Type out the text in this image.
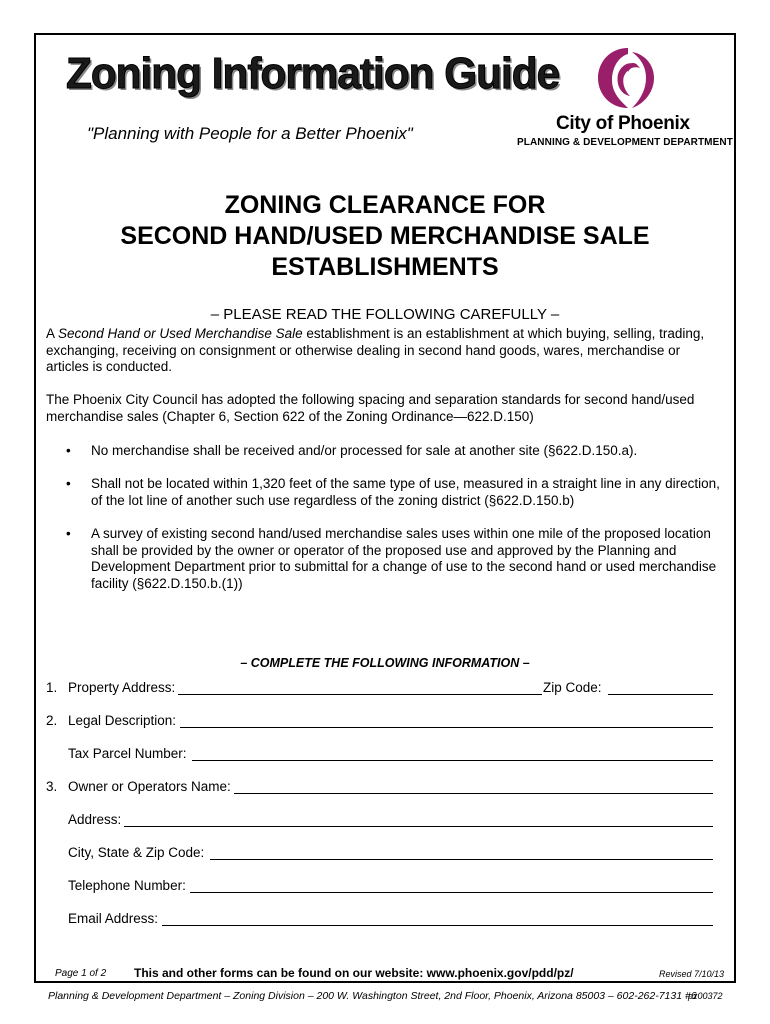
Zoning Information Guide
"Planning with People for a Better Phoenix"	City of Phoenix
PLANNING & DEVELOPMENT DEPARTMENT
ZONING CLEARANCE FOR
SECOND HAND/USED MERCHANDISE SALE
ESTABLISHMENTS
– PLEASE READ THE FOLLOWING CAREFULLY –
A Second Hand or Used Merchandise Sale establishment is an establishment at which buying, selling, trading, exchanging, receiving on consignment or otherwise dealing in second hand goods, wares, merchandise or articles is conducted.
The Phoenix City Council has adopted the following spacing and separation standards for second hand/used merchandise sales (Chapter 6, Section 622 of the Zoning Ordinance—622.D.150)
• No merchandise shall be received and/or processed for sale at another site (§622.D.150.a).
• Shall not be located within 1,320 feet of the same type of use, measured in a straight line in any direction, of the lot line of another such use regardless of the zoning district (§622.D.150.b)
• A survey of existing second hand/used merchandise sales uses within one mile of the proposed location shall be provided by the owner or operator of the proposed use and approved by the Planning and Development Department prior to submittal for a change of use to the second hand or used merchandise facility (§622.D.150.b.(1))
– COMPLETE THE FOLLOWING INFORMATION –
1. Property Address:	Zip Code:
2. Legal Description:
Tax Parcel Number:
3. Owner or Operators Name:
Address:
City, State & Zip Code:
Telephone Number:
Email Address:
Page 1 of 2 This and other forms can be found on our website: www.phoenix.gov/pdd/pz/	Revised 7/10/13
Planning & Development Department – Zoning Division – 200 W. Washington Street, 2nd Floor, Phoenix, Arizona 85003 – 602-262-7131 #6
pz00372
